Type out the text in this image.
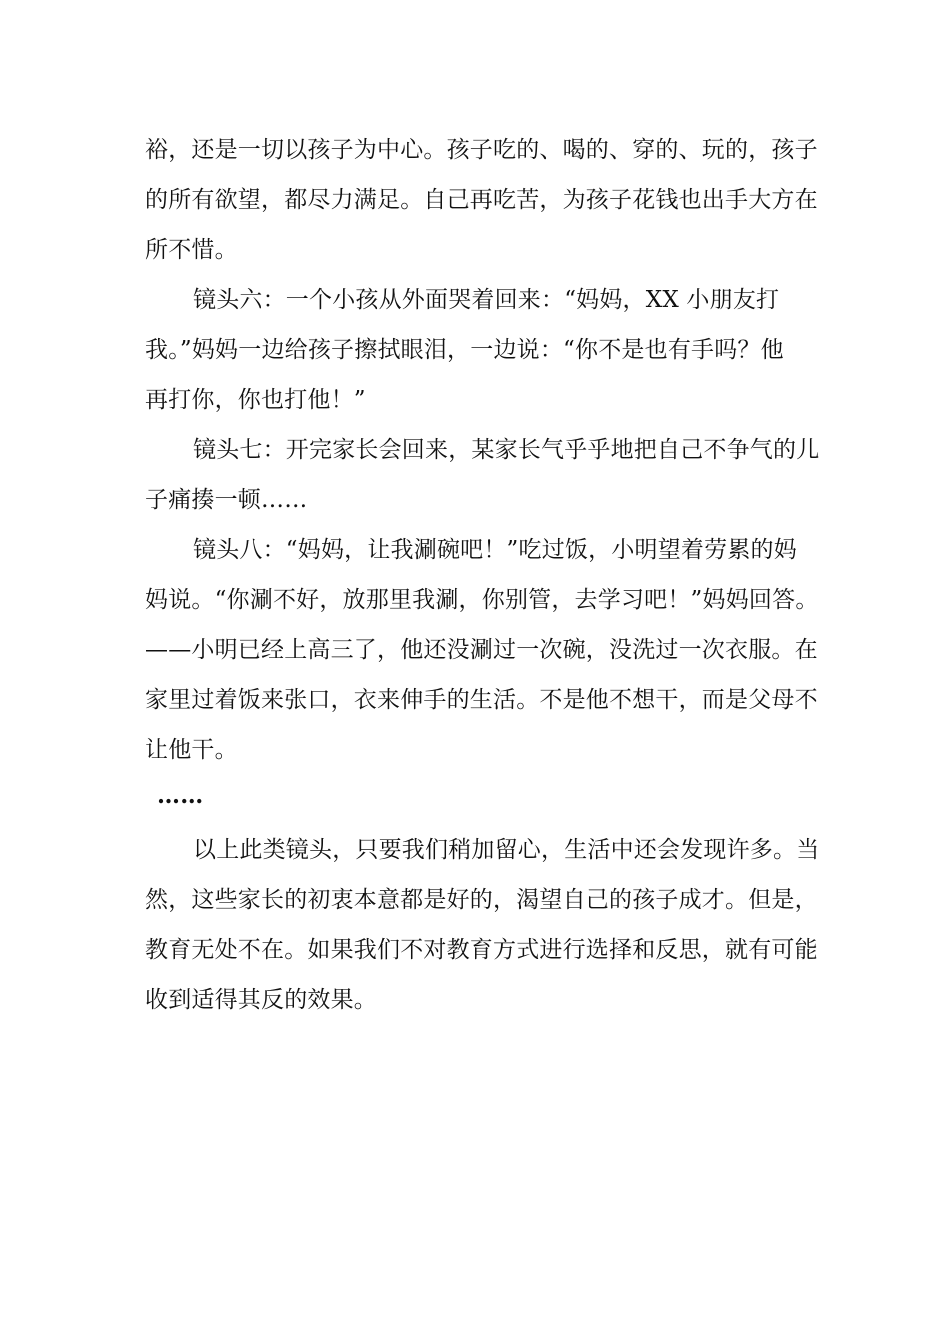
裕，还是一切以孩子为中心。孩子吃的、喝的、穿的、玩的，孩子
的所有欲望，都尽力满足。自己再吃苦，为孩子花钱也出手大方在
所不惜。
镜头六：一个小孩从外面哭着回来：“妈妈，XX 小朋友打
我。”妈妈一边给孩子擦拭眼泪，一边说：“你不是也有手吗？他
再打你，你也打他！”
镜头七：开完家长会回来，某家长气乎乎地把自己不争气的儿
子痛揍一顿……
镜头八：“妈妈，让我涮碗吧！”吃过饭，小明望着劳累的妈
妈说。“你涮不好，放那里我涮，你别管，去学习吧！”妈妈回答。
——小明已经上高三了，他还没涮过一次碗，没洗过一次衣服。在
家里过着饭来张口，衣来伸手的生活。不是他不想干，而是父母不
让他干。
……
以上此类镜头，只要我们稍加留心，生活中还会发现许多。当
然，这些家长的初衷本意都是好的，渴望自己的孩子成才。但是，
教育无处不在。如果我们不对教育方式进行选择和反思，就有可能
收到适得其反的效果。
